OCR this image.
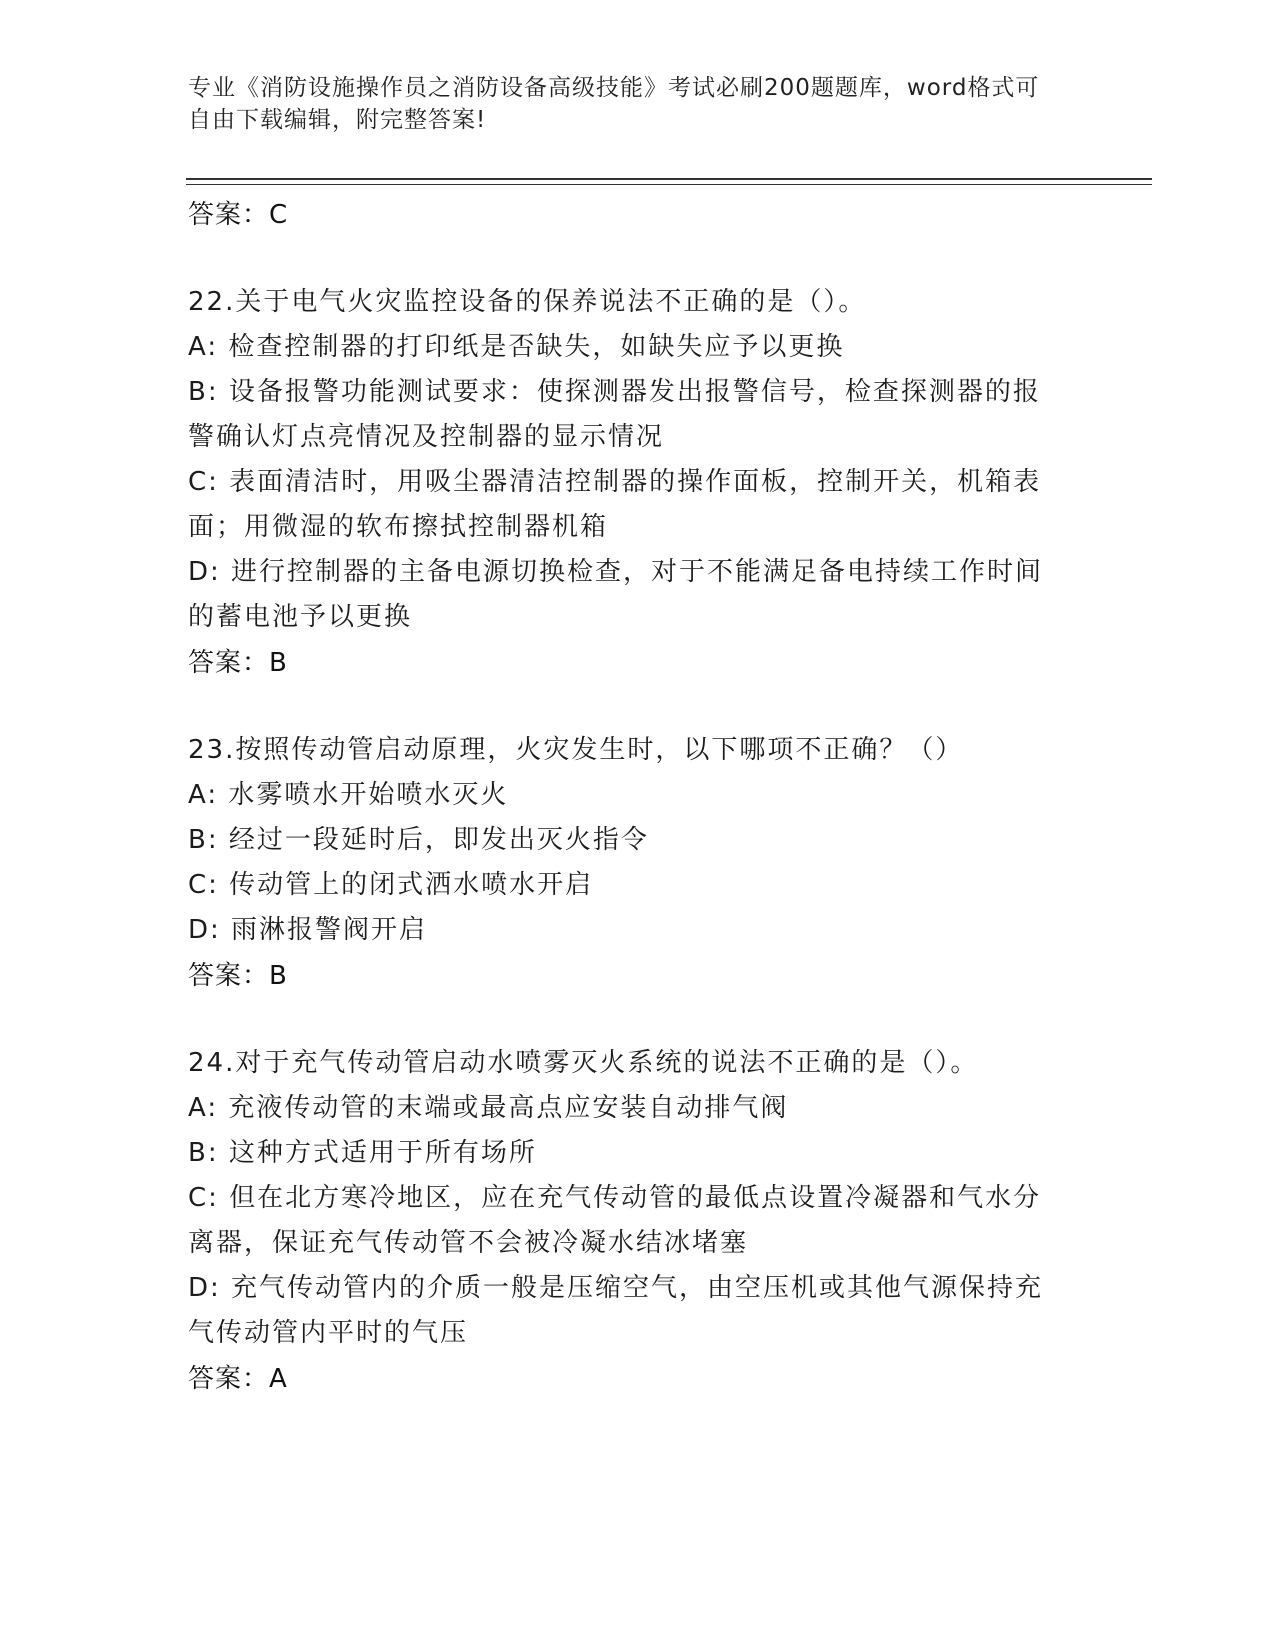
专业《消防设施操作员之消防设备高级技能》考试必刷200题题库，word格式可
自由下载编辑，附完整答案!
答案：C
22.关于电气火灾监控设备的保养说法不正确的是（）。
A: 检查控制器的打印纸是否缺失，如缺失应予以更换
B: 设备报警功能测试要求：使探测器发出报警信号，检查探测器的报
警确认灯点亮情况及控制器的显示情况
C: 表面清洁时，用吸尘器清洁控制器的操作面板，控制开关，机箱表
面；用微湿的软布擦拭控制器机箱
D: 进行控制器的主备电源切换检查，对于不能满足备电持续工作时间
的蓄电池予以更换
答案：B
23.按照传动管启动原理，火灾发生时，以下哪项不正确？（）
A: 水雾喷水开始喷水灭火
B: 经过一段延时后，即发出灭火指令
C: 传动管上的闭式洒水喷水开启
D: 雨淋报警阀开启
答案：B
24.对于充气传动管启动水喷雾灭火系统的说法不正确的是（）。
A: 充液传动管的末端或最高点应安装自动排气阀
B: 这种方式适用于所有场所
C: 但在北方寒冷地区，应在充气传动管的最低点设置冷凝器和气水分
离器，保证充气传动管不会被冷凝水结冰堵塞
D: 充气传动管内的介质一般是压缩空气，由空压机或其他气源保持充
气传动管内平时的气压
答案：A
